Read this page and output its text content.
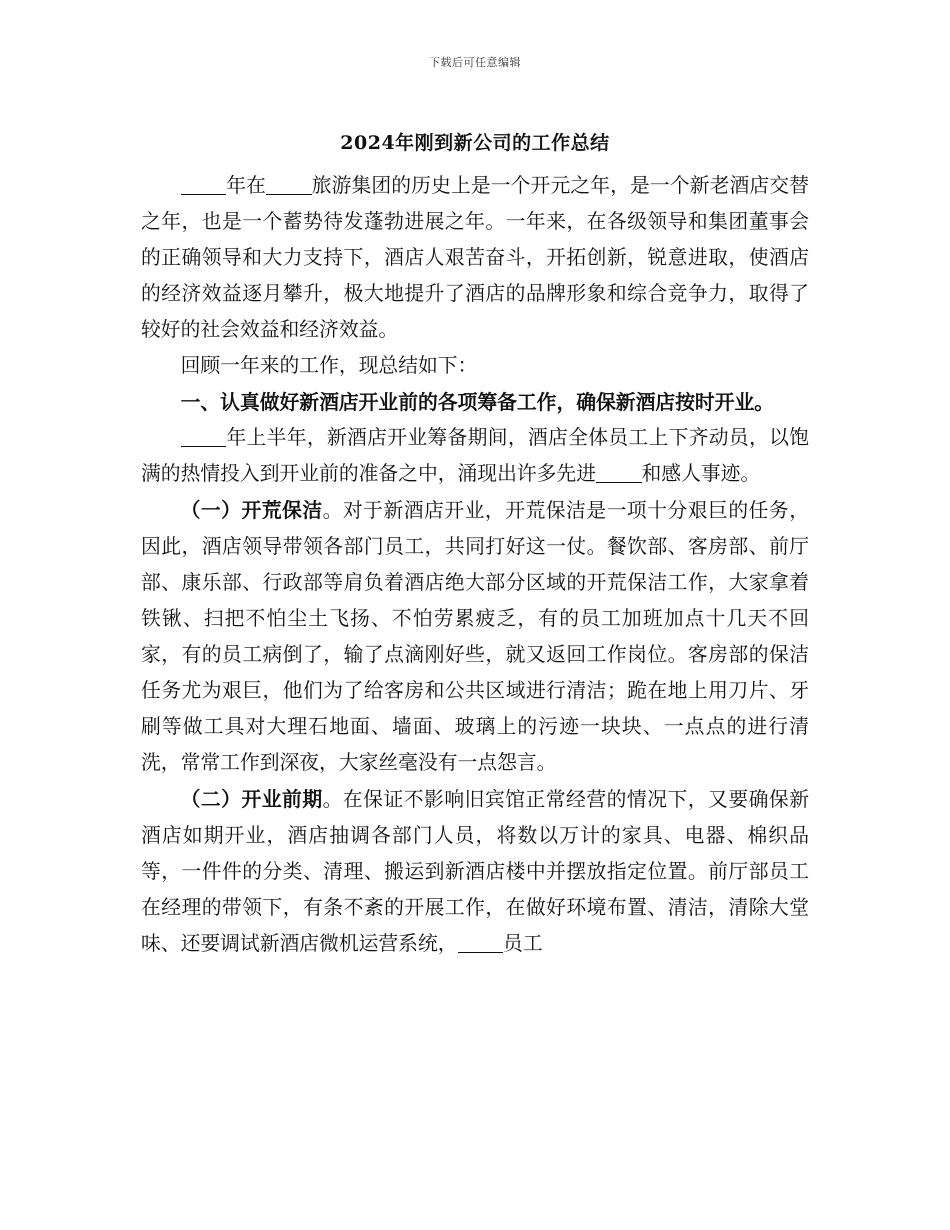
下载后可任意编辑
2024年刚到新公司的工作总结

年在 旅游集团的历史上是一个开元之年，是一个新老酒店交替之年，也是一个蓄势待发蓬勃进展之年。一年来，在各级领导和集团董事会的正确领导和大力支持下，酒店人艰苦奋斗，开拓创新，锐意进取，使酒店的经济效益逐月攀升，极大地提升了酒店的品牌形象和综合竞争力，取得了较好的社会效益和经济效益。

回顾一年来的工作，现总结如下：

一、认真做好新酒店开业前的各项筹备工作，确保新酒店按时开业。

年上半年，新酒店开业筹备期间，酒店全体员工上下齐动员，以饱满的热情投入到开业前的准备之中，涌现出许多先进 和感人事迹。

（一）开荒保洁。对于新酒店开业，开荒保洁是一项十分艰巨的任务，因此，酒店领导带领各部门员工，共同打好这一仗。餐饮部、客房部、前厅部、康乐部、行政部等肩负着酒店绝大部分区域的开荒保洁工作，大家拿着铁锹、扫把不怕尘土飞扬、不怕劳累疲乏，有的员工加班加点十几天不回家，有的员工病倒了，输了点滴刚好些，就又返回工作岗位。客房部的保洁任务尤为艰巨，他们为了给客房和公共区域进行清洁；跪在地上用刀片、牙刷等做工具对大理石地面、墙面、玻璃上的污迹一块块、一点点的进行清洗，常常工作到深夜，大家丝毫没有一点怨言。

（二）开业前期。在保证不影响旧宾馆正常经营的情况下，又要确保新酒店如期开业，酒店抽调各部门人员，将数以万计的家具、电器、棉织品等，一件件的分类、清理、搬运到新酒店楼中并摆放指定位置。前厅部员工在经理的带领下，有条不紊的开展工作，在做好环境布置、清洁，清除大堂味、还要调试新酒店微机运营系统， 员工
